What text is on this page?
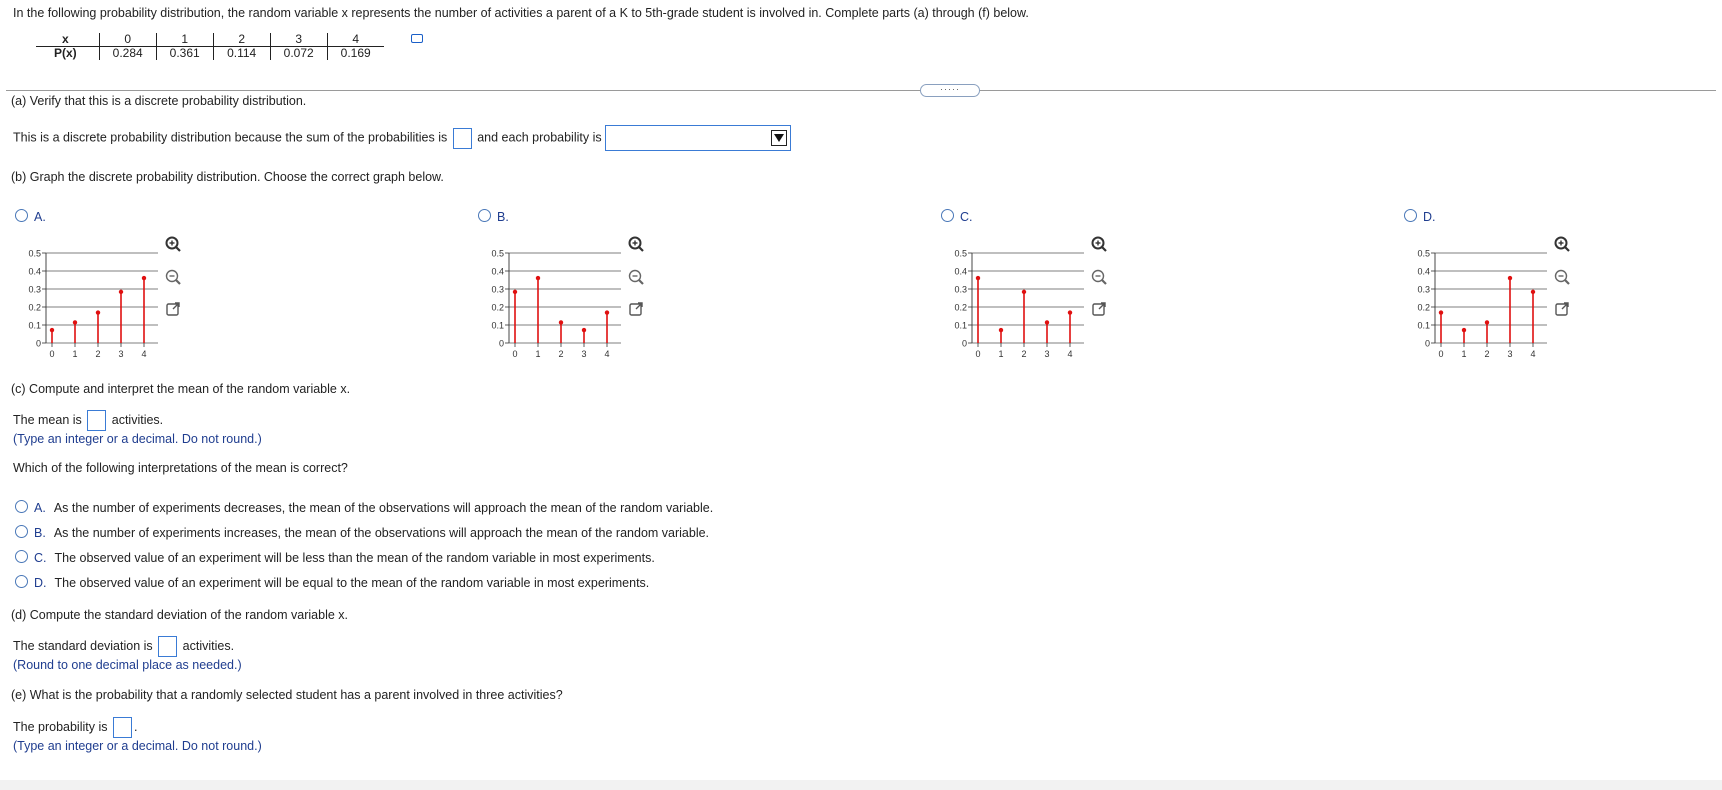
In the following probability distribution, the random variable x represents the number of activities a parent of a K to 5th-grade student is involved in. Complete parts (a) through (f) below.
x	0	1	2	3	4
P(x)	0.284	0.361	0.114	0.072	0.169
·····
(a) Verify that this is a discrete probability distribution.
This is a discrete probability distribution because the sum of the probabilities is and each probability is
(b) Graph the discrete probability distribution. Choose the correct graph below.
A.	B.	C.	D.
0
0.1
0.2
0.3
0.4
0.5
0 1 2 3 4
0
0.1
0.2
0.3
0.4
0.5
0 1 2 3 4
0
0.1
0.2
0.3
0.4
0.5
0 1 2 3 4
0
0.1
0.2
0.3
0.4
0.5
0 1 2 3 4
(c) Compute and interpret the mean of the random variable x.
The mean is activities.
(Type an integer or a decimal. Do not round.)
Which of the following interpretations of the mean is correct?
A. As the number of experiments decreases, the mean of the observations will approach the mean of the random variable.
B. As the number of experiments increases, the mean of the observations will approach the mean of the random variable.
C. The observed value of an experiment will be less than the mean of the random variable in most experiments.
D. The observed value of an experiment will be equal to the mean of the random variable in most experiments.
(d) Compute the standard deviation of the random variable x.
The standard deviation is activities.
(Round to one decimal place as needed.)
(e) What is the probability that a randomly selected student has a parent involved in three activities?
The probability is .
(Type an integer or a decimal. Do not round.)
